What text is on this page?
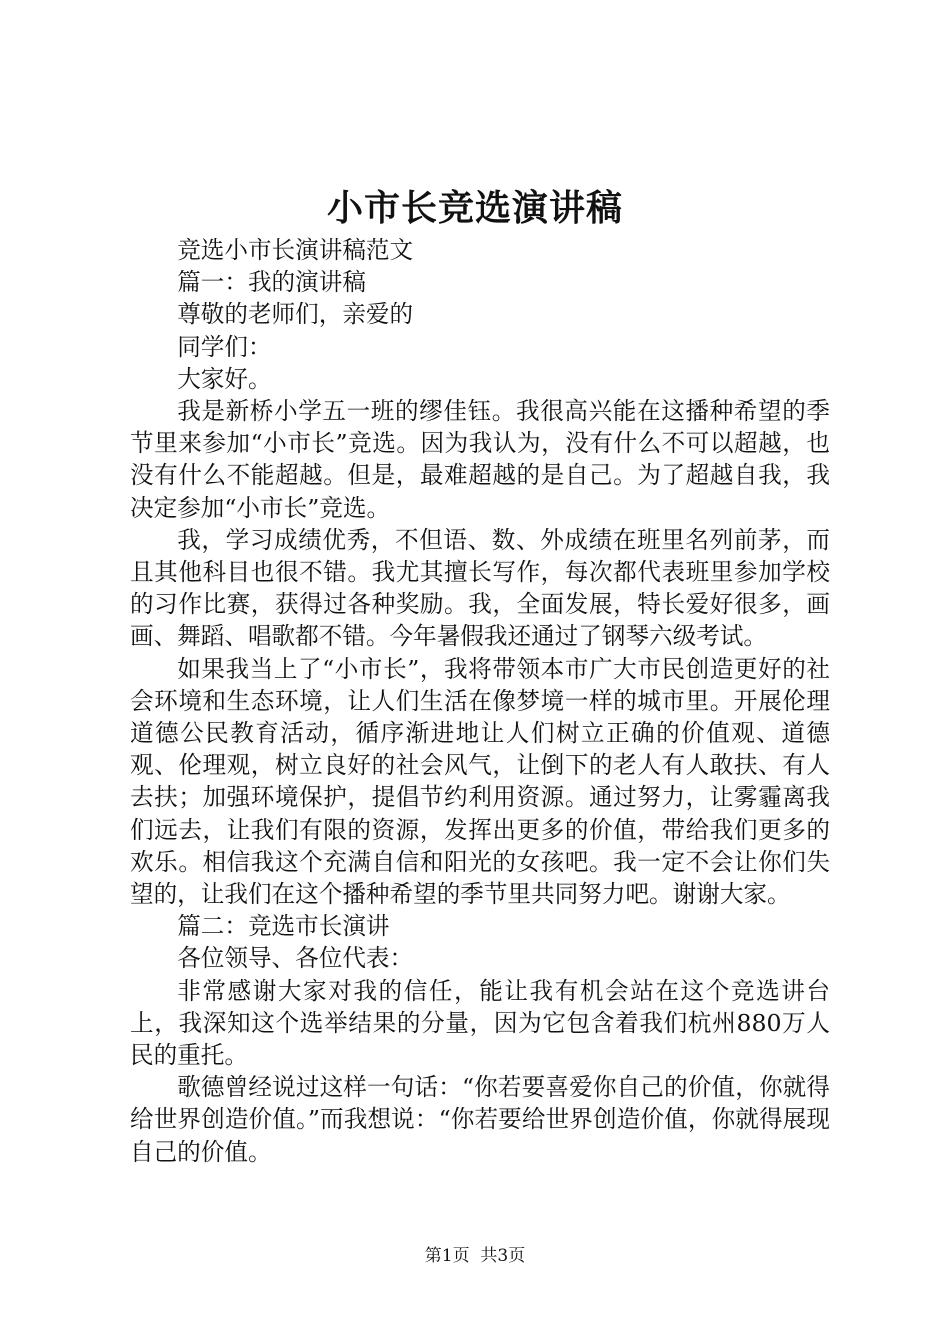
小市长竞选演讲稿

竞选小市长演讲稿范文

篇一：我的演讲稿

尊敬的老师们，亲爱的

同学们：

大家好。

我是新桥小学五一班的缪佳钰。我很高兴能在这播种希望的季节里来参加“小市长”竞选。因为我认为，没有什么不可以超越，也没有什么不能超越。但是，最难超越的是自己。为了超越自我，我决定参加“小市长”竞选。

我，学习成绩优秀，不但语、数、外成绩在班里名列前茅，而且其他科目也很不错。我尤其擅长写作，每次都代表班里参加学校的习作比赛，获得过各种奖励。我，全面发展，特长爱好很多，画画、舞蹈、唱歌都不错。今年暑假我还通过了钢琴六级考试。

如果我当上了“小市长”，我将带领本市广大市民创造更好的社会环境和生态环境，让人们生活在像梦境一样的城市里。开展伦理道德公民教育活动，循序渐进地让人们树立正确的价值观、道德观、伦理观，树立良好的社会风气，让倒下的老人有人敢扶、有人去扶；加强环境保护，提倡节约利用资源。通过努力，让雾霾离我们远去，让我们有限的资源，发挥出更多的价值，带给我们更多的欢乐。相信我这个充满自信和阳光的女孩吧。我一定不会让你们失望的，让我们在这个播种希望的季节里共同努力吧。谢谢大家。

篇二：竞选市长演讲

各位领导、各位代表：

非常感谢大家对我的信任，能让我有机会站在这个竞选讲台上，我深知这个选举结果的分量，因为它包含着我们杭州880万人民的重托。

歌德曾经说过这样一句话：“你若要喜爱你自己的价值，你就得给世界创造价值。”而我想说：“你若要给世界创造价值，你就得展现自己的价值。

第1页  共3页
